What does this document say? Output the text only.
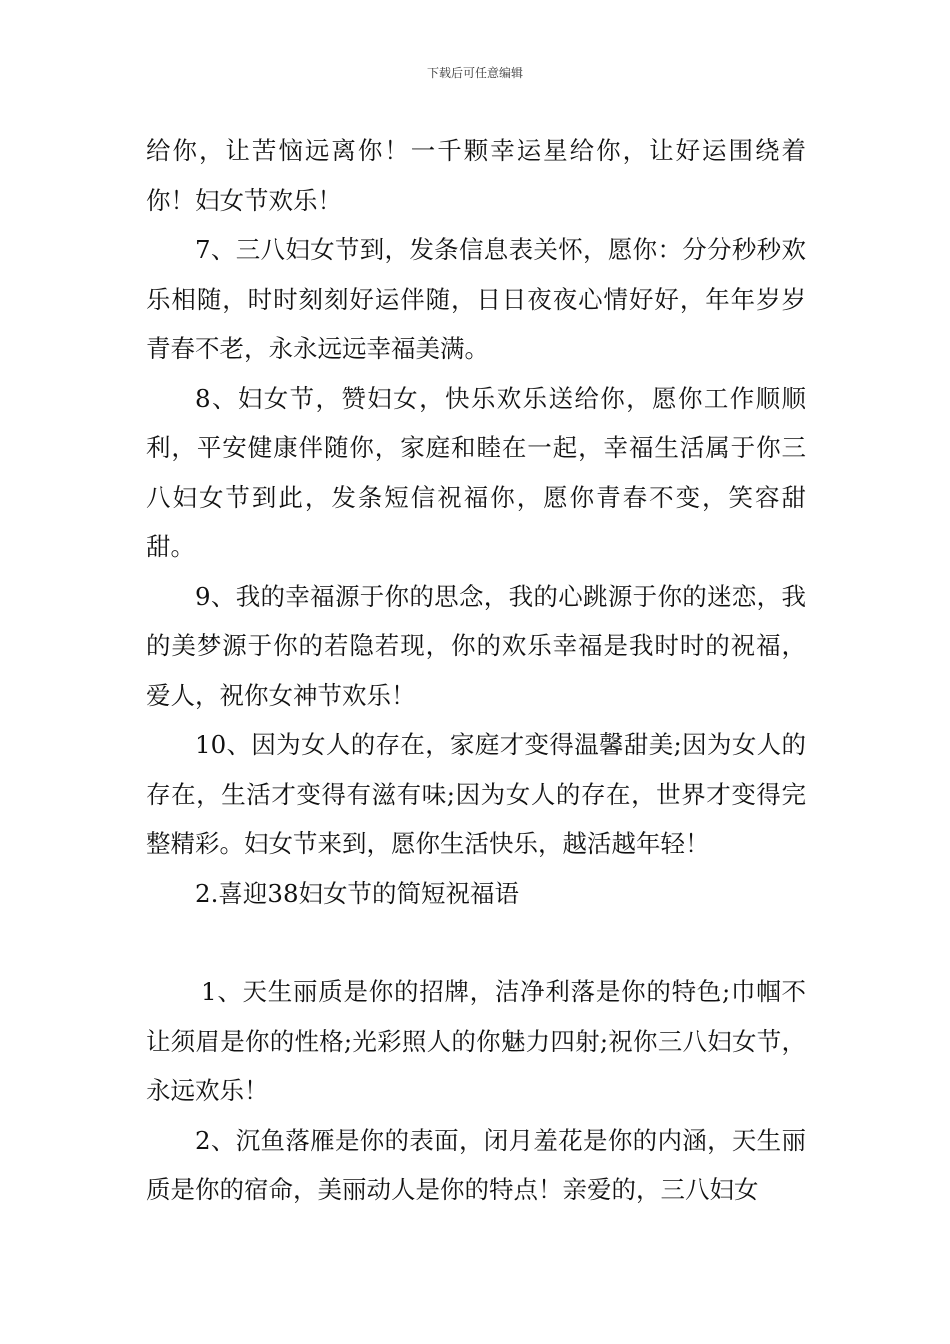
下载后可任意编辑

给你，让苦恼远离你！一千颗幸运星给你，让好运围绕着你！妇女节欢乐！

7、三八妇女节到，发条信息表关怀，愿你：分分秒秒欢乐相随，时时刻刻好运伴随，日日夜夜心情好好，年年岁岁青春不老，永永远远幸福美满。

8、妇女节，赞妇女，快乐欢乐送给你，愿你工作顺顺利，平安健康伴随你，家庭和睦在一起，幸福生活属于你三八妇女节到此，发条短信祝福你，愿你青春不变，笑容甜甜。

9、我的幸福源于你的思念，我的心跳源于你的迷恋，我的美梦源于你的若隐若现，你的欢乐幸福是我时时的祝福，爱人，祝你女神节欢乐！

10、因为女人的存在，家庭才变得温馨甜美;因为女人的存在，生活才变得有滋有味;因为女人的存在，世界才变得完整精彩。妇女节来到，愿你生活快乐，越活越年轻！

2.喜迎38妇女节的简短祝福语

1、天生丽质是你的招牌，洁净利落是你的特色;巾帼不让须眉是你的性格;光彩照人的你魅力四射;祝你三八妇女节，永远欢乐！

2、沉鱼落雁是你的表面，闭月羞花是你的内涵，天生丽质是你的宿命，美丽动人是你的特点！亲爱的，三八妇女
